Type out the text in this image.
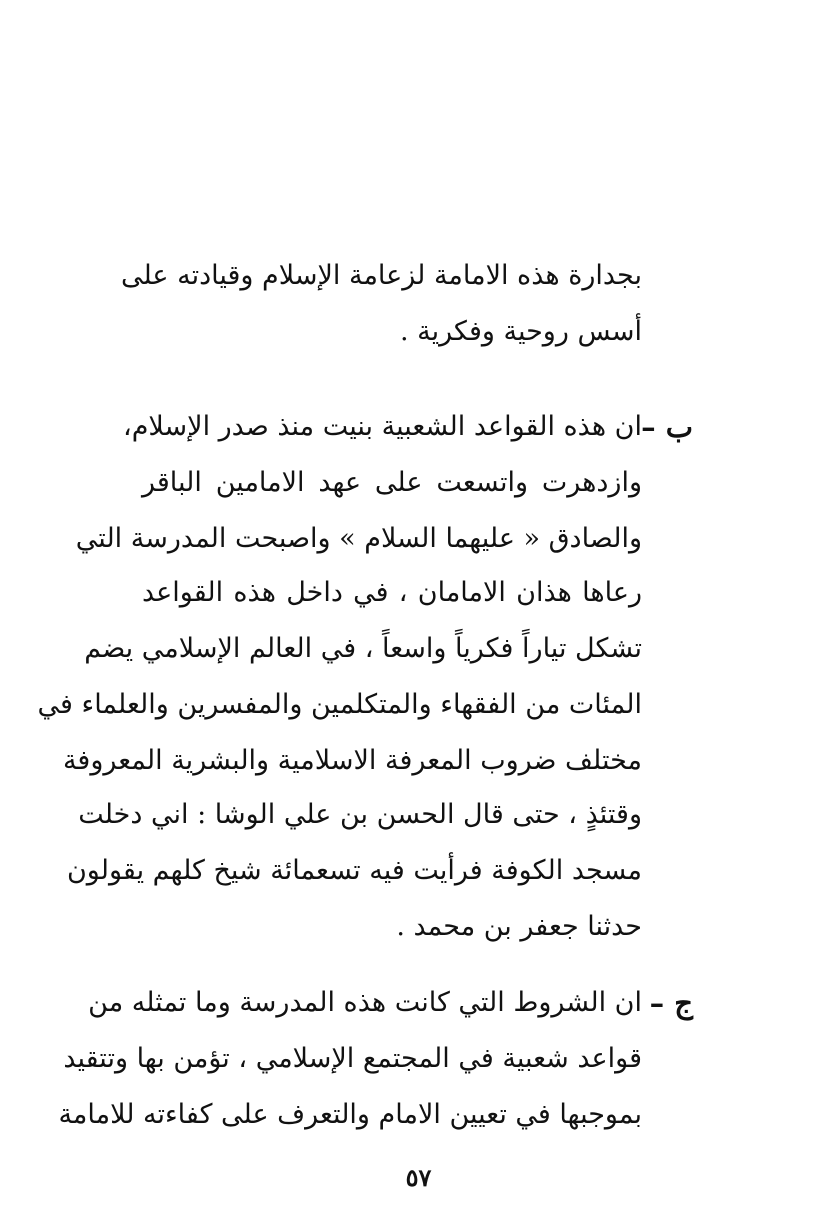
بجدارة هذه الامامة لزعامة الإسلام وقيادته على
أسس روحية وفكرية .
ب –
ان هذه القواعد الشعبية بنيت منذ صدر الإسلام،
وازدهرت واتسعت على عهد الامامين الباقر
والصادق « عليهما السلام » واصبحت المدرسة التي
رعاها هذان الامامان ، في داخل هذه القواعد
تشكل تياراً فكرياً واسعاً ، في العالم الإسلامي يضم
المئات من الفقهاء والمتكلمين والمفسرين والعلماء في
مختلف ضروب المعرفة الاسلامية والبشرية المعروفة
وقتئذٍ ، حتى قال الحسن بن علي الوشا : اني دخلت
مسجد الكوفة فرأيت فيه تسعمائة شيخ كلهم يقولون
حدثنا جعفر بن محمد .
ج –
ان الشروط التي كانت هذه المدرسة وما تمثله من
قواعد شعبية في المجتمع الإسلامي ، تؤمن بها وتتقيد
بموجبها في تعيين الامام والتعرف على كفاءته للامامة
٥٧
